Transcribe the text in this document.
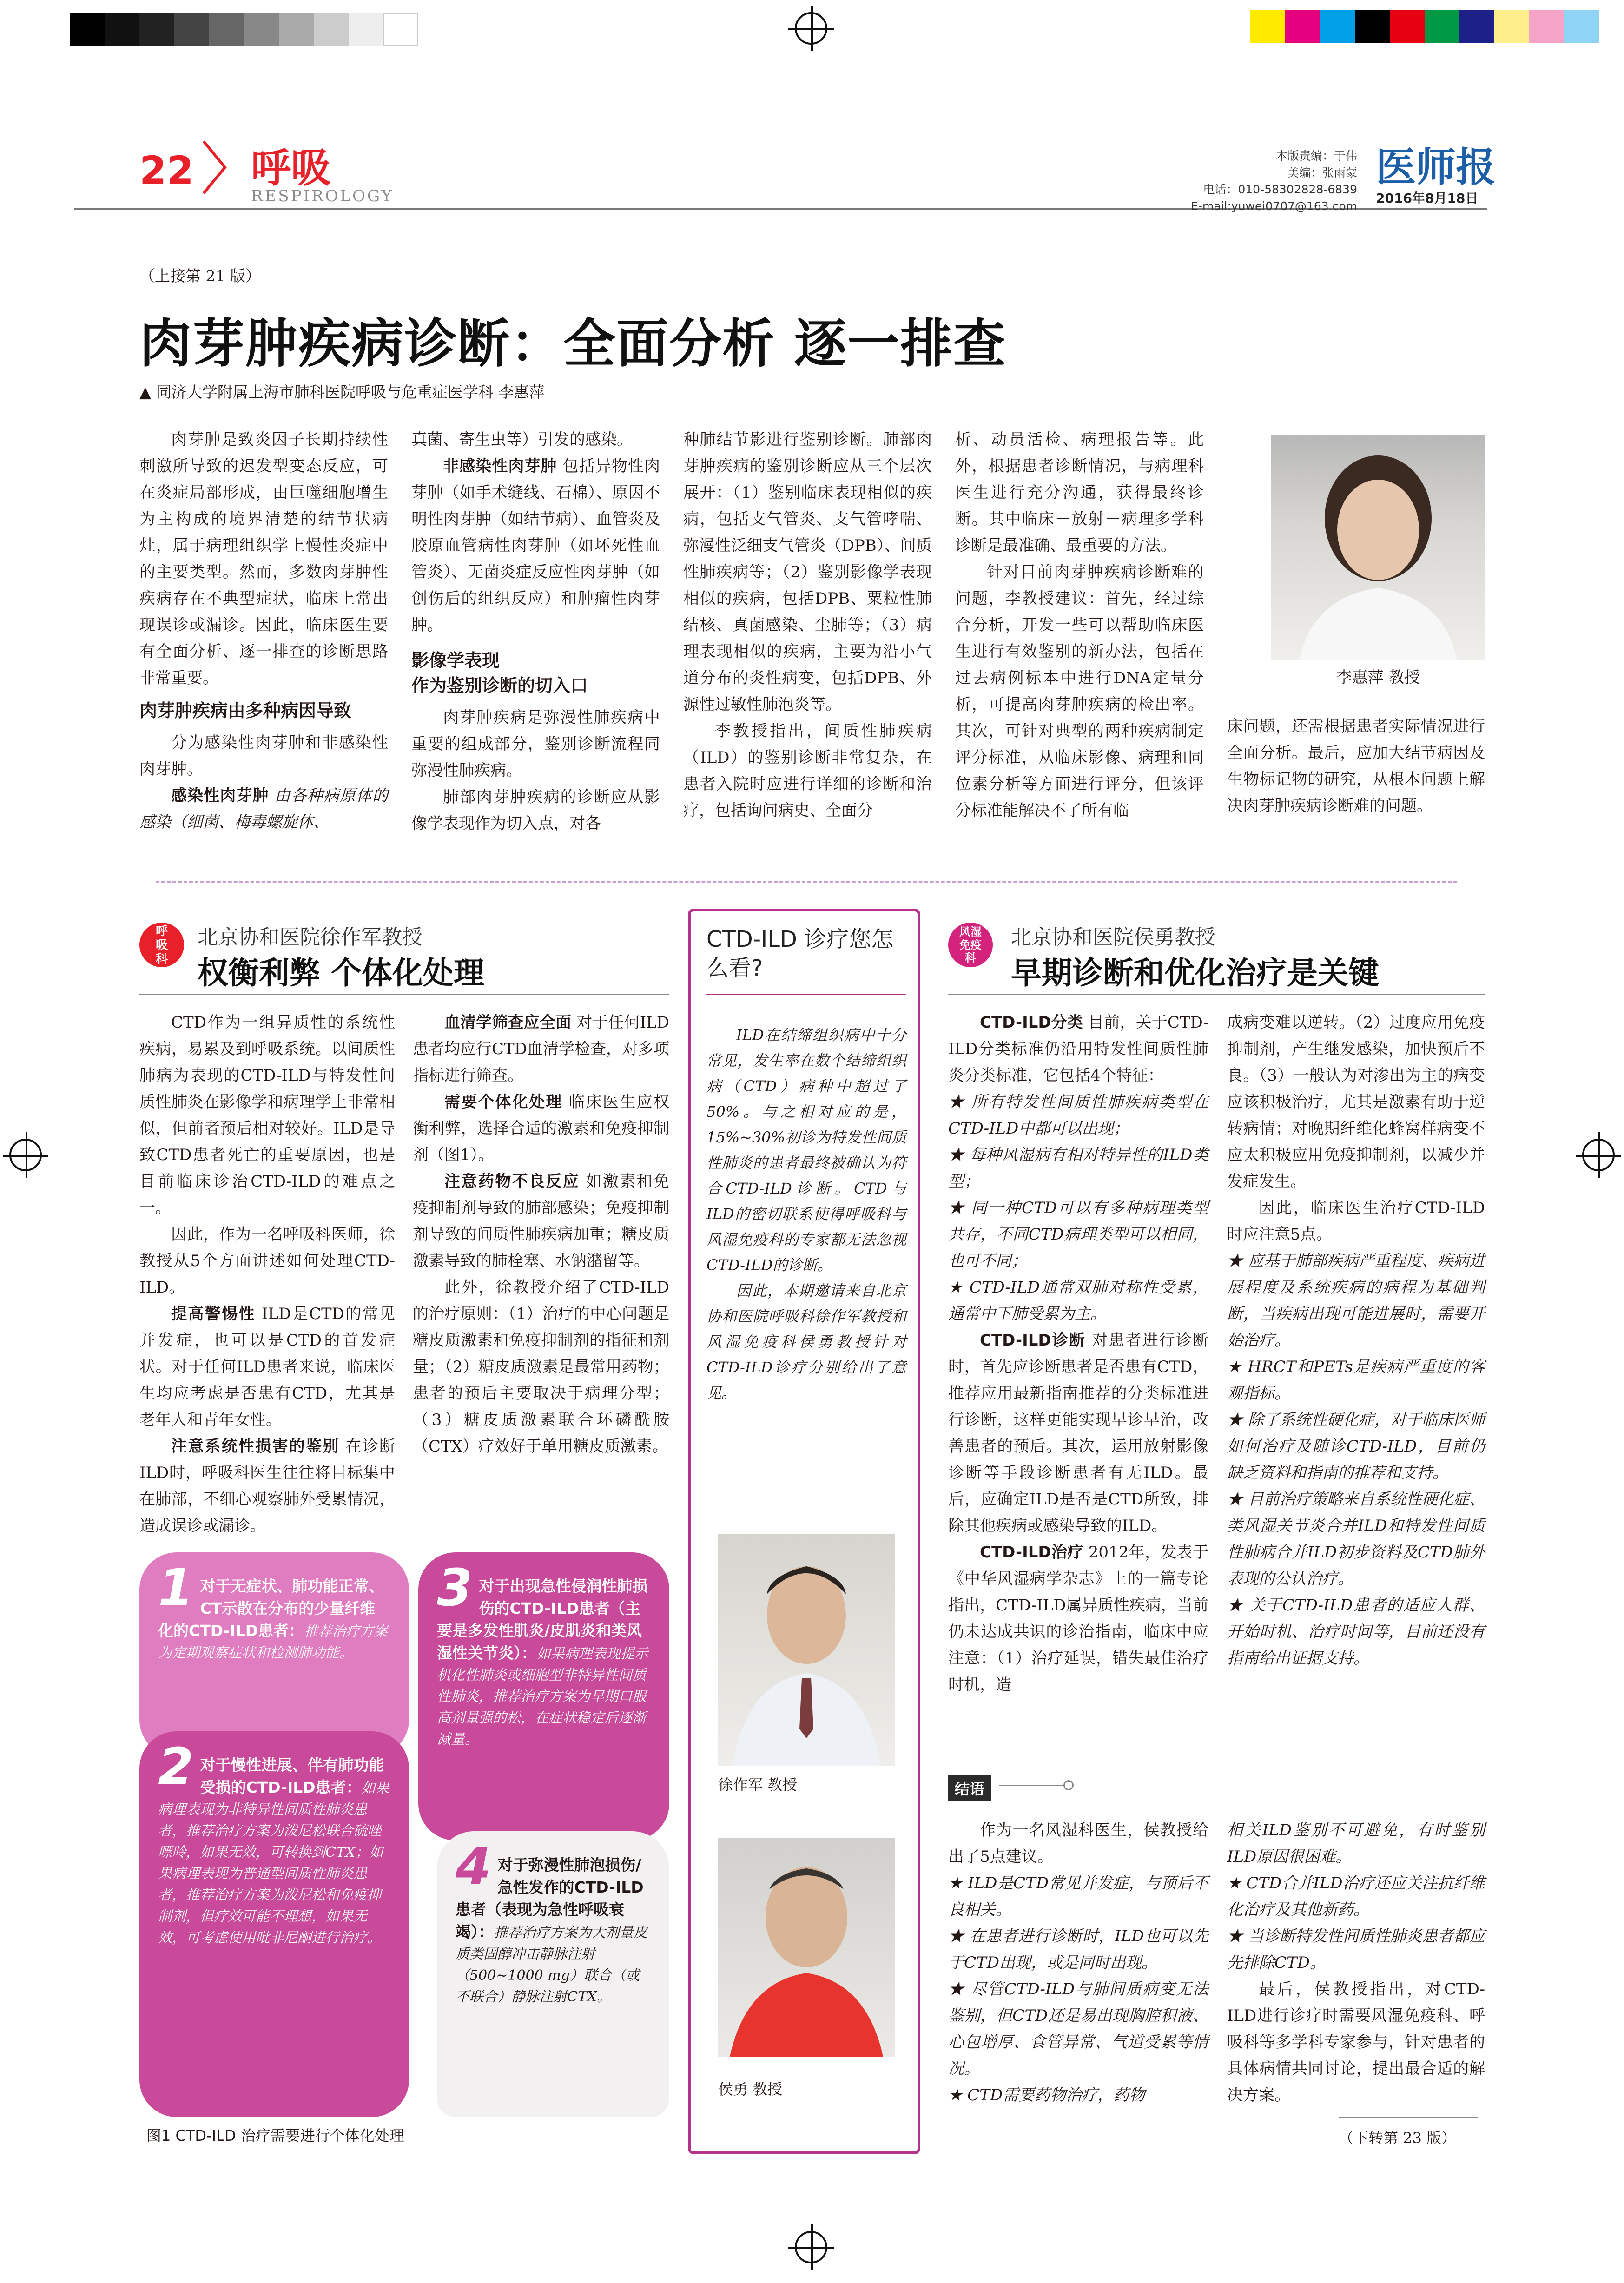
22 呼吸
RESPIROLOGY
本版责编：于伟
美编：张雨蒙
电话：010-58302828-6839
E-mail:yuwei0707@163.com
医师报
2016年8月18日
（上接第 21 版）
肉芽肿疾病诊断：全面分析 逐一排查
▲ 同济大学附属上海市肺科医院呼吸与危重症医学科 李惠萍

肉芽肿是致炎因子长期持续性刺激所导致的迟发型变态反应，可在炎症局部形成，由巨噬细胞增生为主构成的境界清楚的结节状病灶，属于病理组织学上慢性炎症中的主要类型。然而，多数肉芽肿性疾病存在不典型症状，临床上常出现误诊或漏诊。因此，临床医生要有全面分析、逐一排查的诊断思路非常重要。

肉芽肿疾病由多种病因导致

分为感染性肉芽肿和非感染性肉芽肿。

感染性肉芽肿 由各种病原体的感染（细菌、梅毒螺旋体、

真菌、寄生虫等）引发的感染。

非感染性肉芽肿 包括异物性肉芽肿（如手术缝线、石棉）、原因不明性肉芽肿（如结节病）、血管炎及胶原血管病性肉芽肿（如坏死性血管炎）、无菌炎症反应性肉芽肿（如创伤后的组织反应）和肿瘤性肉芽肿。

影像学表现
作为鉴别诊断的切入口

肉芽肿疾病是弥漫性肺疾病中重要的组成部分，鉴别诊断流程同弥漫性肺疾病。

肺部肉芽肿疾病的诊断应从影像学表现作为切入点，对各

种肺结节影进行鉴别诊断。肺部肉芽肿疾病的鉴别诊断应从三个层次展开：（1）鉴别临床表现相似的疾病，包括支气管炎、支气管哮喘、弥漫性泛细支气管炎（DPB）、间质性肺疾病等；（2）鉴别影像学表现相似的疾病，包括DPB、粟粒性肺结核、真菌感染、尘肺等；（3）病理表现相似的疾病，主要为沿小气道分布的炎性病变，包括DPB、外源性过敏性肺泡炎等。

李教授指出，间质性肺疾病（ILD）的鉴别诊断非常复杂，在患者入院时应进行详细的诊断和治疗，包括询问病史、全面分

析、动员活检、病理报告等。此外，根据患者诊断情况，与病理科医生进行充分沟通，获得最终诊断。其中临床－放射－病理多学科诊断是最准确、最重要的方法。

针对目前肉芽肿疾病诊断难的问题，李教授建议：首先，经过综合分析，开发一些可以帮助临床医生进行有效鉴别的新办法，包括在过去病例标本中进行DNA定量分析，可提高肉芽肿疾病的检出率。其次，可针对典型的两种疾病制定评分标准，从临床影像、病理和同位素分析等方面进行评分，但该评分标准能解决不了所有临

李惠萍 教授

床问题，还需根据患者实际情况进行全面分析。最后，应加大结节病因及生物标记物的研究，从根本问题上解决肉芽肿疾病诊断难的问题。

呼吸科
北京协和医院徐作军教授
权衡利弊 个体化处理

CTD作为一组异质性的系统性疾病，易累及到呼吸系统。以间质性肺病为表现的CTD-ILD与特发性间质性肺炎在影像学和病理学上非常相似，但前者预后相对较好。ILD是导致CTD患者死亡的重要原因，也是目前临床诊治CTD-ILD的难点之一。

因此，作为一名呼吸科医师，徐教授从5个方面讲述如何处理CTD-ILD。

提高警惕性 ILD是CTD的常见并发症，也可以是CTD的首发症状。对于任何ILD患者来说，临床医生均应考虑是否患有CTD，尤其是老年人和青年女性。

注意系统性损害的鉴别 在诊断ILD时，呼吸科医生往往将目标集中在肺部，不细心观察肺外受累情况，造成误诊或漏诊。

血清学筛查应全面 对于任何ILD患者均应行CTD血清学检查，对多项指标进行筛查。

需要个体化处理 临床医生应权衡利弊，选择合适的激素和免疫抑制剂（图1）。

注意药物不良反应 如激素和免疫抑制剂导致的肺部感染；免疫抑制剂导致的间质性肺疾病加重；糖皮质激素导致的肺栓塞、水钠潴留等。

此外，徐教授介绍了CTD-ILD的治疗原则：（1）治疗的中心问题是糖皮质激素和免疫抑制剂的指征和剂量；（2）糖皮质激素是最常用药物；患者的预后主要取决于病理分型；（3）糖皮质激素联合环磷酰胺（CTX）疗效好于单用糖皮质激素。

1 对于无症状、肺功能正常、CT示散在分布的少量纤维化的CTD-ILD患者：推荐治疗方案为定期观察症状和检测肺功能。
2 对于慢性进展、伴有肺功能受损的CTD-ILD患者：如果病理表现为非特异性间质性肺炎患者，推荐治疗方案为泼尼松联合硫唑嘌呤，如果无效，可转换到CTX；如果病理表现为普通型间质性肺炎患者，推荐治疗方案为泼尼松和免疫抑制剂，但疗效可能不理想，如果无效，可考虑使用吡非尼酮进行治疗。
3 对于出现急性侵润性肺损伤的CTD-ILD患者（主要是多发性肌炎/皮肌炎和类风湿性关节炎）：如果病理表现提示机化性肺炎或细胞型非特异性间质性肺炎，推荐治疗方案为早期口服高剂量强的松，在症状稳定后逐渐减量。
4 对于弥漫性肺泡损伤/急性发作的CTD-ILD患者（表现为急性呼吸衰竭）：推荐治疗方案为大剂量皮质类固醇冲击静脉注射（500~1000 mg）联合（或不联合）静脉注射CTX。
图1 CTD-ILD 治疗需要进行个体化处理
CTD-ILD 诊疗您怎么看?

ILD在结缔组织病中十分常见，发生率在数个结缔组织病（CTD）病种中超过了50%。与之相对应的是，15%~30%初诊为特发性间质性肺炎的患者最终被确认为符合CTD-ILD诊断。CTD与ILD的密切联系使得呼吸科与风湿免疫科的专家都无法忽视CTD-ILD的诊断。

因此，本期邀请来自北京协和医院呼吸科徐作军教授和风湿免疫科侯勇教授针对CTD-ILD诊疗分别给出了意见。

徐作军 教授
侯勇 教授
风湿免疫科
北京协和医院侯勇教授
早期诊断和优化治疗是关键

CTD-ILD分类 目前，关于CTD-ILD分类标准仍沿用特发性间质性肺炎分类标准，它包括4个特征：

★ 所有特发性间质性肺疾病类型在CTD-ILD中都可以出现；

★ 每种风湿病有相对特异性的ILD类型；

★ 同一种CTD可以有多种病理类型共存，不同CTD病理类型可以相同，也可不同；

★ CTD-ILD通常双肺对称性受累，通常中下肺受累为主。

CTD-ILD诊断 对患者进行诊断时，首先应诊断患者是否患有CTD，推荐应用最新指南推荐的分类标准进行诊断，这样更能实现早诊早治，改善患者的预后。其次，运用放射影像诊断等手段诊断患者有无ILD。最后，应确定ILD是否是CTD所致，排除其他疾病或感染导致的ILD。

CTD-ILD治疗 2012年，发表于《中华风湿病学杂志》上的一篇专论指出，CTD-ILD属异质性疾病，当前仍未达成共识的诊治指南，临床中应注意：（1）治疗延误，错失最佳治疗时机，造

成病变难以逆转。（2）过度应用免疫抑制剂，产生继发感染，加快预后不良。（3）一般认为对渗出为主的病变应该积极治疗，尤其是激素有助于逆转病情；对晚期纤维化蜂窝样病变不应太积极应用免疫抑制剂，以减少并发症发生。

因此，临床医生治疗CTD-ILD时应注意5点。

★ 应基于肺部疾病严重程度、疾病进展程度及系统疾病的病程为基础判断，当疾病出现可能进展时，需要开始治疗。

★ HRCT和PETs是疾病严重度的客观指标。

★ 除了系统性硬化症，对于临床医师如何治疗及随诊CTD-ILD，目前仍缺乏资料和指南的推荐和支持。

★ 目前治疗策略来自系统性硬化症、类风湿关节炎合并ILD和特发性间质性肺病合并ILD初步资料及CTD肺外表现的公认治疗。

★ 关于CTD-ILD患者的适应人群、开始时机、治疗时间等，目前还没有指南给出证据支持。

结语

作为一名风湿科医生，侯教授给出了5点建议。

★ ILD是CTD常见并发症，与预后不良相关。

★ 在患者进行诊断时，ILD也可以先于CTD出现，或是同时出现。

★ 尽管CTD-ILD与肺间质病变无法鉴别，但CTD还是易出现胸腔积液、心包增厚、食管异常、气道受累等情况。

★ CTD需要药物治疗，药物

相关ILD鉴别不可避免，有时鉴别ILD原因很困难。

★ CTD合并ILD治疗还应关注抗纤维化治疗及其他新药。

★ 当诊断特发性间质性肺炎患者都应先排除CTD。

最后，侯教授指出，对CTD-ILD进行诊疗时需要风湿免疫科、呼吸科等多学科专家参与，针对患者的具体病情共同讨论，提出最合适的解决方案。

（下转第 23 版）
